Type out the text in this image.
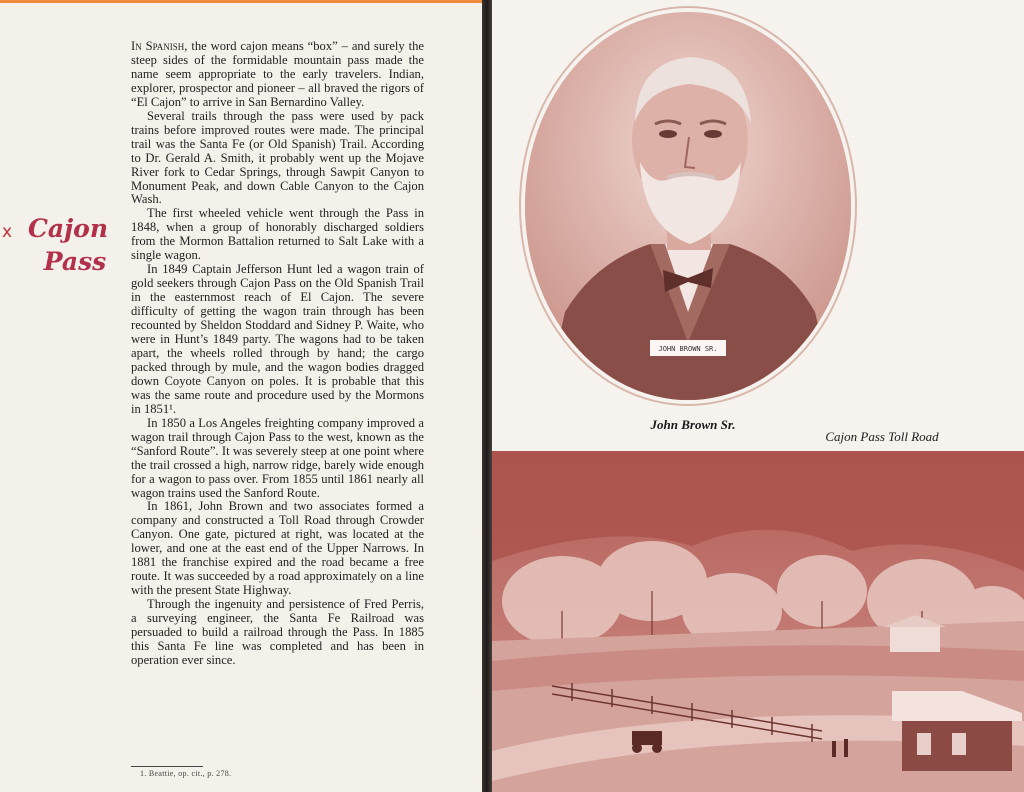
x Cajon
Pass

In Spanish, the word cajon means “box” – and surely the steep sides of the formidable mountain pass made the name seem appropriate to the early travelers. Indian, explorer, prospector and pioneer – all braved the rigors of “El Cajon” to arrive in San Bernardino Valley.

Several trails through the pass were used by pack trains before improved routes were made. The principal trail was the Santa Fe (or Old Spanish) Trail. According to Dr. Gerald A. Smith, it probably went up the Mojave River fork to Cedar Springs, through Sawpit Canyon to Monument Peak, and down Cable Canyon to the Cajon Wash.

The first wheeled vehicle went through the Pass in 1848, when a group of honorably discharged soldiers from the Mormon Battalion returned to Salt Lake with a single wagon.

In 1849 Captain Jefferson Hunt led a wagon train of gold seekers through Cajon Pass on the Old Spanish Trail in the easternmost reach of El Cajon. The severe difficulty of getting the wagon train through has been recounted by Sheldon Stoddard and Sidney P. Waite, who were in Hunt’s 1849 party. The wagons had to be taken apart, the wheels rolled through by hand; the cargo packed through by mule, and the wagon bodies dragged down Coyote Canyon on poles. It is probable that this was the same route and procedure used by the Mormons in 1851¹.

In 1850 a Los Angeles freighting company improved a wagon trail through Cajon Pass to the west, known as the “Sanford Route”. It was severely steep at one point where the trail crossed a high, narrow ridge, barely wide enough for a wagon to pass over. From 1855 until 1861 nearly all wagon trains used the Sanford Route.

In 1861, John Brown and two associates formed a company and constructed a Toll Road through Crowder Canyon. One gate, pictured at right, was located at the lower, and one at the east end of the Upper Narrows. In 1881 the franchise expired and the road became a free route. It was succeeded by a road approximately on a line with the present State Highway.

Through the ingenuity and persistence of Fred Perris, a surveying engineer, the Santa Fe Railroad was persuaded to build a railroad through the Pass. In 1885 this Santa Fe line was completed and has been in operation ever since.

1. Beattie, op. cit., p. 278.
JOHN BROWN SR.
John Brown Sr.
Cajon Pass Toll Road
